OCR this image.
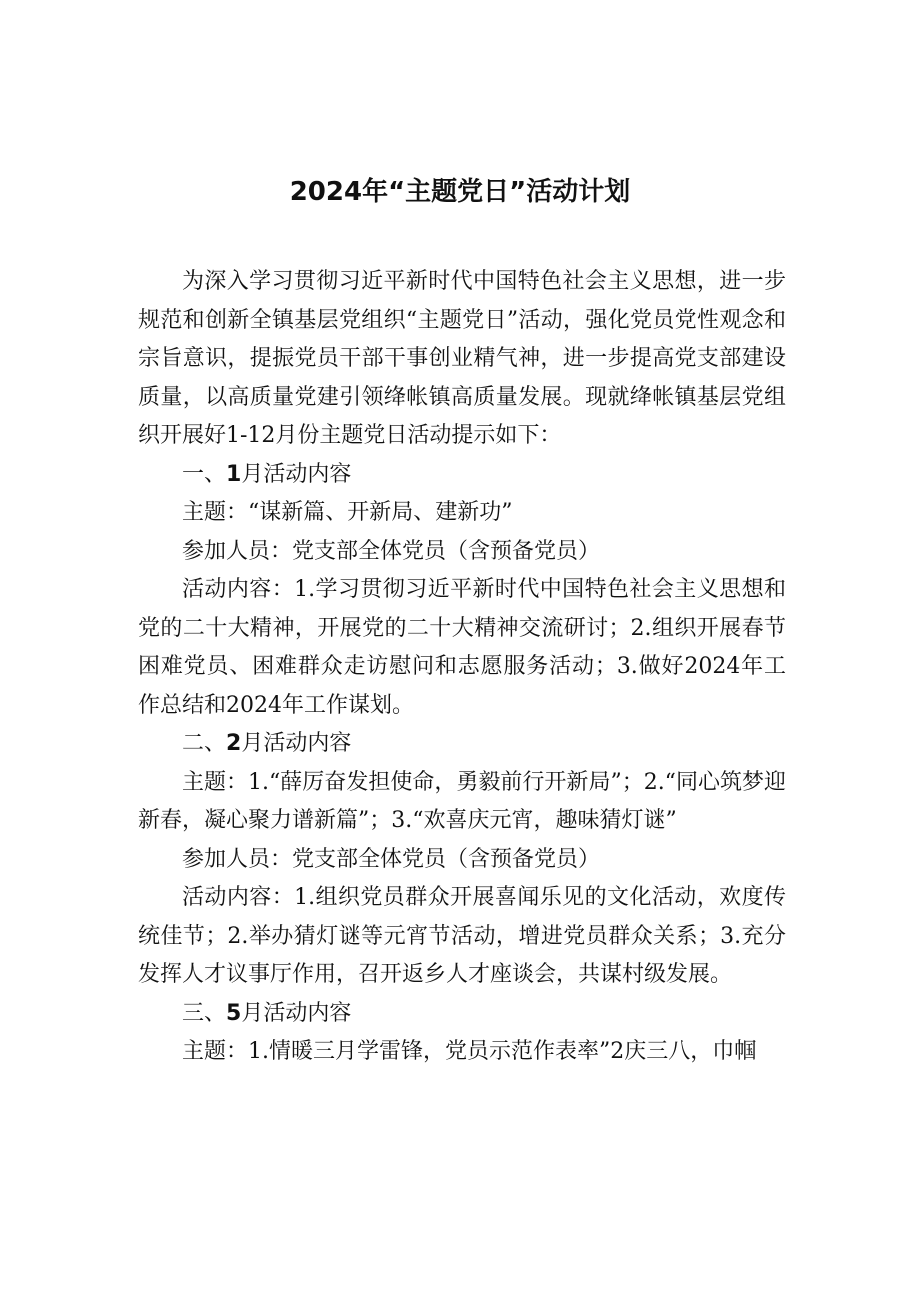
2024年“主题党日”活动计划

为深入学习贯彻习近平新时代中国特色社会主义思想，进一步规范和创新全镇基层党组织“主题党日”活动，强化党员党性观念和宗旨意识，提振党员干部干事创业精气神，进一步提高党支部建设质量，以高质量党建引领绛帐镇高质量发展。现就绛帐镇基层党组织开展好1-12月份主题党日活动提示如下：

一、1月活动内容

主题：“谋新篇、开新局、建新功”

参加人员：党支部全体党员（含预备党员）

活动内容：1.学习贯彻习近平新时代中国特色社会主义思想和党的二十大精神，开展党的二十大精神交流研讨；2.组织开展春节困难党员、困难群众走访慰问和志愿服务活动；3.做好2024年工作总结和2024年工作谋划。

二、2月活动内容

主题：1.“薛厉奋发担使命，勇毅前行开新局”；2.“同心筑梦迎新春，凝心聚力谱新篇”；3.“欢喜庆元宵，趣味猜灯谜”

参加人员：党支部全体党员（含预备党员）

活动内容：1.组织党员群众开展喜闻乐见的文化活动，欢度传统佳节；2.举办猜灯谜等元宵节活动，增进党员群众关系；3.充分发挥人才议事厅作用，召开返乡人才座谈会，共谋村级发展。

三、5月活动内容

主题：1.情暖三月学雷锋，党员示范作表率”2庆三八，巾帼
